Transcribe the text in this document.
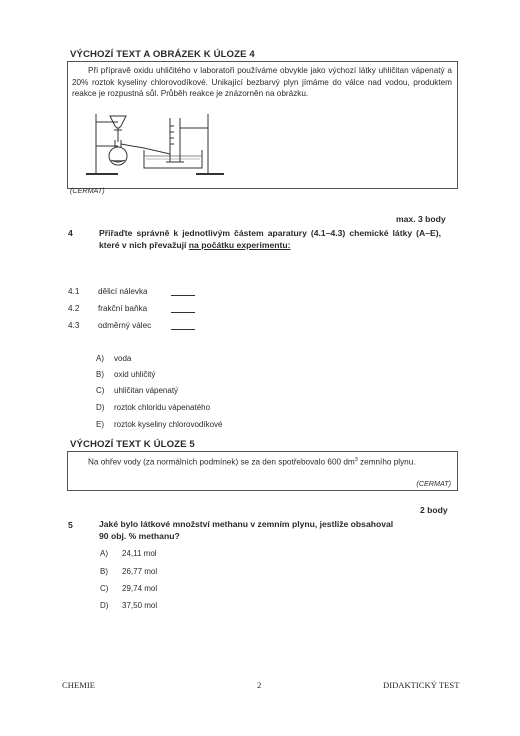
VÝCHOZÍ TEXT A OBRÁZEK K ÚLOZE 4
Při přípravě oxidu uhličitého v laboratoři používáme obvykle jako výchozí látky uhličitan vápenatý a 20% roztok kyseliny chlorovodíkové. Unikající bezbarvý plyn jímáme do válce nad vodou, produktem reakce je rozpustná sůl. Průběh reakce je znázorněn na obrázku.
(CERMAT)
max. 3 body
4	Přiřaďte správně k jednotlivým částem aparatury (4.1–4.3) chemické látky (A–E), které v nich převažují na počátku experimentu:
4.1 dělicí nálevka
4.2 frakční baňka
4.3 odměrný válec
A) voda
B) oxid uhličitý
C) uhličitan vápenatý
D) roztok chloridu vápenatého
E) roztok kyseliny chlorovodíkové
VÝCHOZÍ TEXT K ÚLOZE 5
Na ohřev vody (za normálních podmínek) se za den spotřebovalo 600 $dm^3$ zemního plynu.
(CERMAT)
2 body
5	Jaké bylo látkové množství methanu v zemním plynu, jestliže obsahoval 90 obj. % methanu?
A) 24,11 mol
B) 26,77 mol
C) 29,74 mol
D) 37,50 mol
CHEMIE	2	DIDAKTICKÝ TEST
